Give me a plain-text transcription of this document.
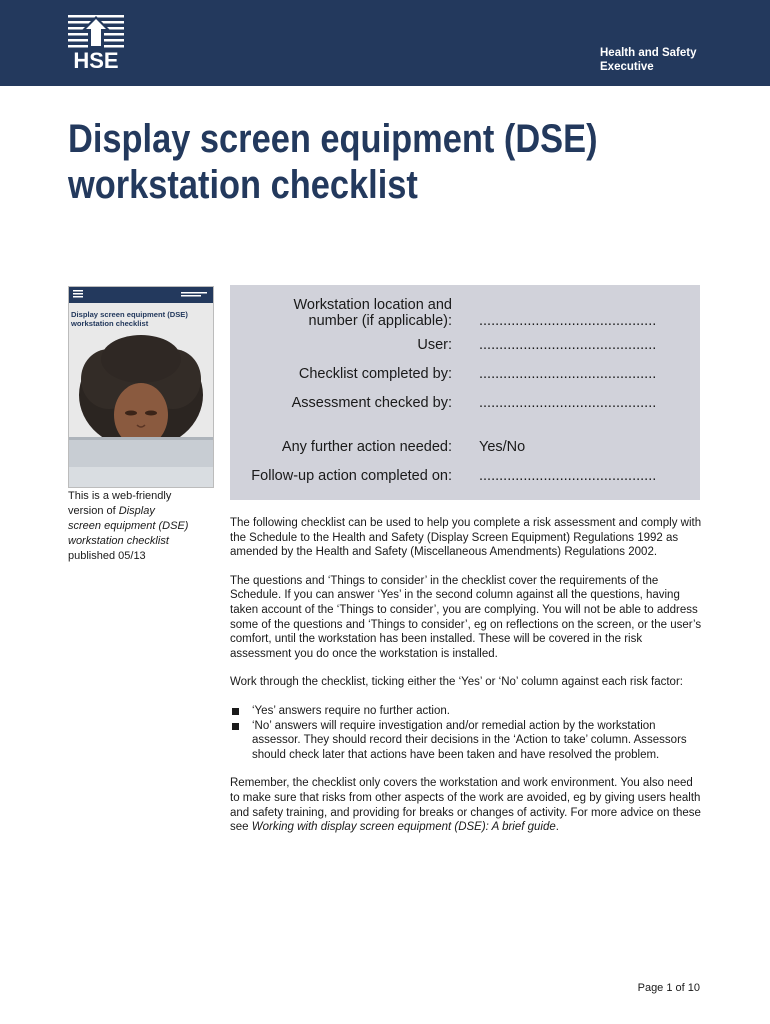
HSE	Health and Safety
Executive
Display screen equipment (DSE)
workstation checklist
Display screen equipment (DSE)
workstation checklist
Workstation location and
number (if applicable): ............................................
User: ............................................
Checklist completed by: ............................................
Assessment checked by: ............................................
Any further action needed: Yes/No
Follow-up action completed on: ............................................
This is a web-friendly
version of Display
screen equipment (DSE)
workstation checklist
published 05/13

The following checklist can be used to help you complete a risk assessment and comply with the Schedule to the Health and Safety (Display Screen Equipment) Regulations 1992 as amended by the Health and Safety (Miscellaneous Amendments) Regulations 2002.

The questions and ‘Things to consider’ in the checklist cover the requirements of the Schedule. If you can answer ‘Yes’ in the second column against all the questions, having taken account of the ‘Things to consider’, you are complying. You will not be able to address some of the questions and ‘Things to consider’, eg on reflections on the screen, or the user’s comfort, until the workstation has been installed. These will be covered in the risk assessment you do once the workstation is installed.

Work through the checklist, ticking either the ‘Yes’ or ‘No’ column against each risk factor:

‘Yes’ answers require no further action.
‘No’ answers will require investigation and/or remedial action by the workstation assessor. They should record their decisions in the ‘Action to take’ column. Assessors should check later that actions have been taken and have resolved the problem.

Remember, the checklist only covers the workstation and work environment. You also need to make sure that risks from other aspects of the work are avoided, eg by giving users health and safety training, and providing for breaks or changes of activity. For more advice on these see Working with display screen equipment (DSE): A brief guide.

Page 1 of 10
